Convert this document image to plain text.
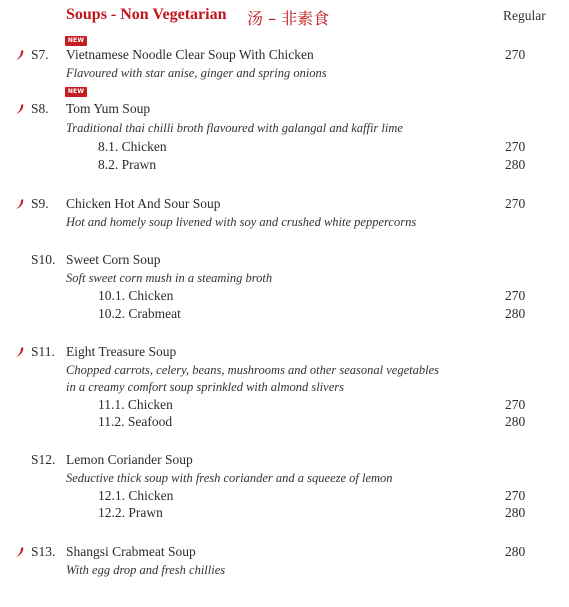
Soups - Non Vegetarian 汤 – 非素食	Regular
NEW
S7. Vietnamese Noodle Clear Soup With Chicken	270
Flavoured with star anise, ginger and spring onions
NEW
S8. Tom Yum Soup
Traditional thai chilli broth flavoured with galangal and kaffir lime
8.1. Chicken	270
8.2. Prawn	280
S9. Chicken Hot And Sour Soup	270
Hot and homely soup livened with soy and crushed white peppercorns
S10. Sweet Corn Soup
Soft sweet corn mush in a steaming broth
10.1. Chicken	270
10.2. Crabmeat	280
S11. Eight Treasure Soup
Chopped carrots, celery, beans, mushrooms and other seasonal vegetables
in a creamy comfort soup sprinkled with almond slivers
11.1. Chicken	270
11.2. Seafood	280
S12. Lemon Coriander Soup
Seductive thick soup with fresh coriander and a squeeze of lemon
12.1. Chicken	270
12.2. Prawn	280
S13. Shangsi Crabmeat Soup	280
With egg drop and fresh chillies
